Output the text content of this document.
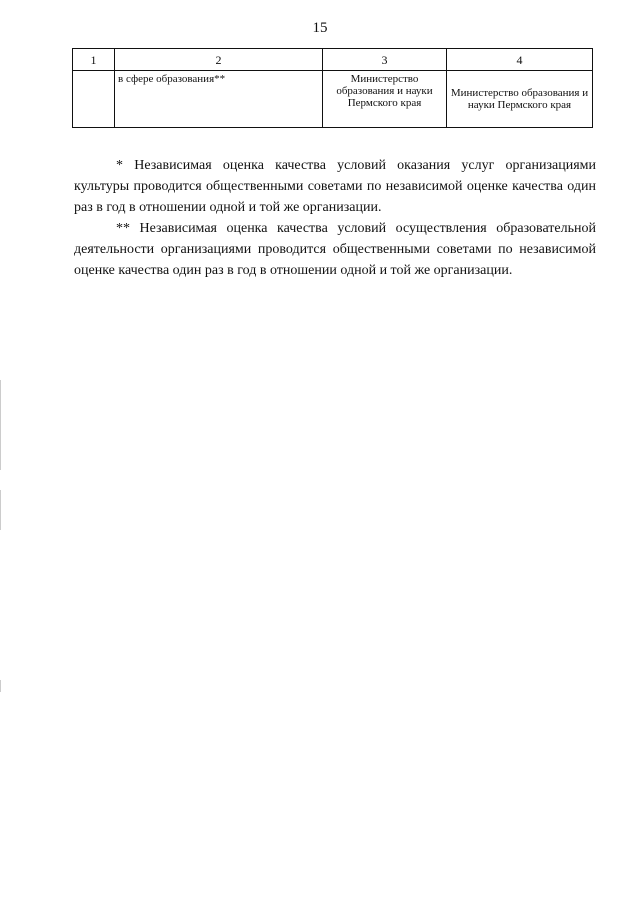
15
1	2	3	4
	в сфере образования**	Министерство образования и науки Пермского края	Министерство образования и науки Пермского края

* Независимая оценка качества условий оказания услуг организациями культуры проводится общественными советами по независимой оценке качества один раз в год в отношении одной и той же организации.

** Независимая оценка качества условий осуществления образовательной деятельности организациями проводится общественными советами по независимой оценке качества один раз в год в отношении одной и той же организации.
